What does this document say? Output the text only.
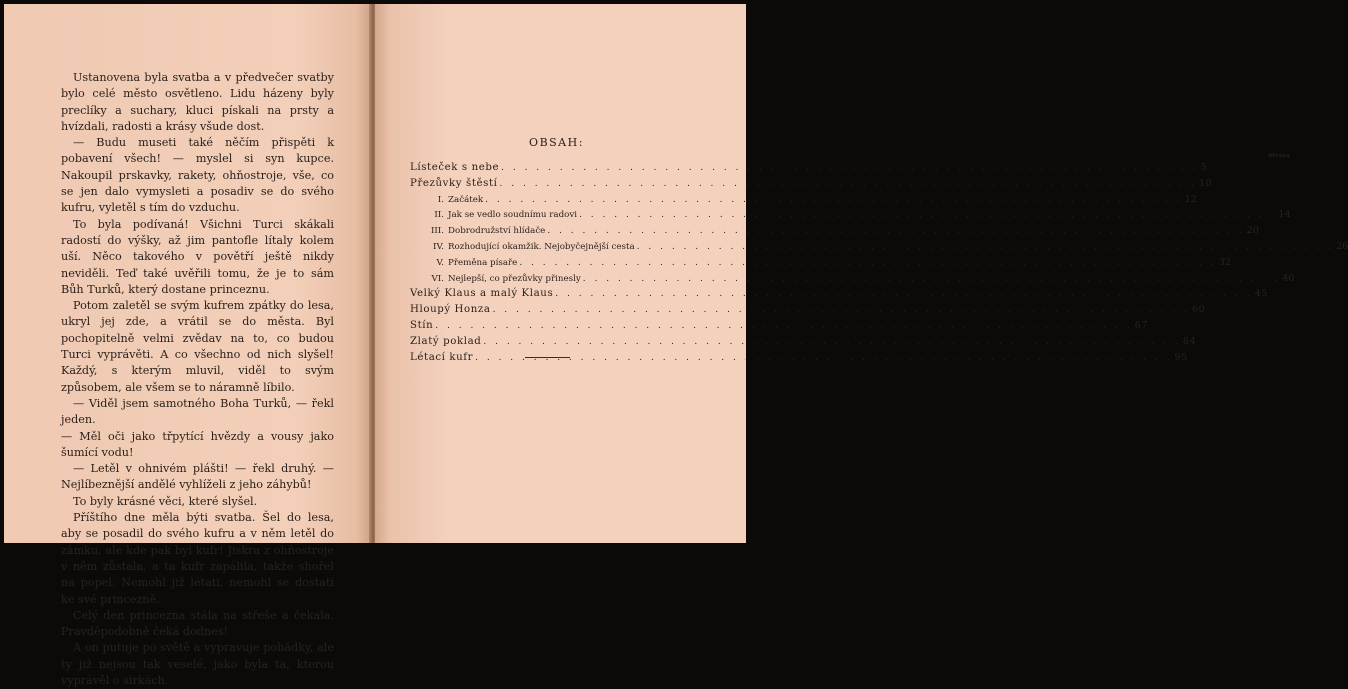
Ustanovena byla svatba a v předvečer svatby bylo celé město osvětleno. Lidu házeny byly preclíky a suchary, kluci pískali na prsty a hvízdali, radosti a krásy všude dost.

— Budu museti také něčím přispěti k pobavení všech! — myslel si syn kupce. Nakoupil prskavky, rakety, ohňostroje, vše, co se jen dalo vymysleti a posadiv se do svého kufru, vyletěl s tím do vzduchu.

To byla podívaná! Všichni Turci skákali radostí do výšky, až jim pantofle lítaly kolem uší. Něco takového v povětří ještě nikdy neviděli. Teď také uvěřili tomu, že je to sám Bůh Turků, který dostane princeznu.

Potom zaletěl se svým kufrem zpátky do lesa, ukryl jej zde, a vrátil se do města. Byl pochopitelně velmi zvědav na to, co budou Turci vyprávěti. A co všechno od nich slyšel! Každý, s kterým mluvil, viděl to svým způsobem, ale všem se to náramně líbilo.

— Viděl jsem samotného Boha Turků, — řekl jeden.

— Měl oči jako třpytící hvězdy a vousy jako šumící vodu!

— Letěl v ohnivém plášti! — řekl druhý. — Nejlíbeznější andělé vyhlíželi z jeho záhybů!

To byly krásné věci, které slyšel.

Příštího dne měla býti svatba. Šel do lesa, aby se posadil do svého kufru a v něm letěl do zámku, ale kde pak byl kufr! Jiskra z ohňostroje v něm zůstala, a ta kufr zapálila, takže shořel na popel. Nemohl již létati, nemohl se dostati ke své princezně.

Celý den princezna stála na střeše a čekala. Pravděpodobně čeká dodnes!

A on putuje po světě a vypravuje pohádky, ale ty již nejsou tak veselé, jako byla ta, kterou vyprávěl o sirkách.

OBSAH:
Strana
Lísteček s nebe . . . . . . . . . . . . . . . . . . . . . . . . . . . . . . . . . . . . . . . . . . . . . . . . . . . . . . . . . . . . 5
Přezůvky štěstí . . . . . . . . . . . . . . . . . . . . . . . . . . . . . . . . . . . . . . . . . . . . . . . . . . . . . . . . . . . . 10
I. Začátek . . . . . . . . . . . . . . . . . . . . . . . . . . . . . . . . . . . . . . . . . . . . . . . . . . . . . . . . . . . . 12
II. Jak se vedlo soudnímu radovi . . . . . . . . . . . . . . . . . . . . . . . . . . . . . . . . . . . . . . . . . . . . . . . . . . . . . . . . . . . . 14
III. Dobrodružství hlídače . . . . . . . . . . . . . . . . . . . . . . . . . . . . . . . . . . . . . . . . . . . . . . . . . . . . . . . . . . . . 20
IV. Rozhodující okamžik. Nejobyčejnější cesta . . . . . . . . . . . . . . . . . . . . . . . . . . . . . . . . . . . . . . . . . . . . . . . . . . . . . . . . . . . . 26
V. Přeměna písaře . . . . . . . . . . . . . . . . . . . . . . . . . . . . . . . . . . . . . . . . . . . . . . . . . . . . . . . . . . . . 32
VI. Nejlepší, co přezůvky přinesly . . . . . . . . . . . . . . . . . . . . . . . . . . . . . . . . . . . . . . . . . . . . . . . . . . . . . . . . . . . . 40
Velký Klaus a malý Klaus . . . . . . . . . . . . . . . . . . . . . . . . . . . . . . . . . . . . . . . . . . . . . . . . . . . . . . . . . . . . 45
Hloupý Honza . . . . . . . . . . . . . . . . . . . . . . . . . . . . . . . . . . . . . . . . . . . . . . . . . . . . . . . . . . . . 60
Stín . . . . . . . . . . . . . . . . . . . . . . . . . . . . . . . . . . . . . . . . . . . . . . . . . . . . . . . . . . . . 67
Zlatý poklad . . . . . . . . . . . . . . . . . . . . . . . . . . . . . . . . . . . . . . . . . . . . . . . . . . . . . . . . . . . . 84
Létací kufr . . . . . . . . . . . . . . . . . . . . . . . . . . . . . . . . . . . . . . . . . . . . . . . . . . . . . . . . . . . . 95
